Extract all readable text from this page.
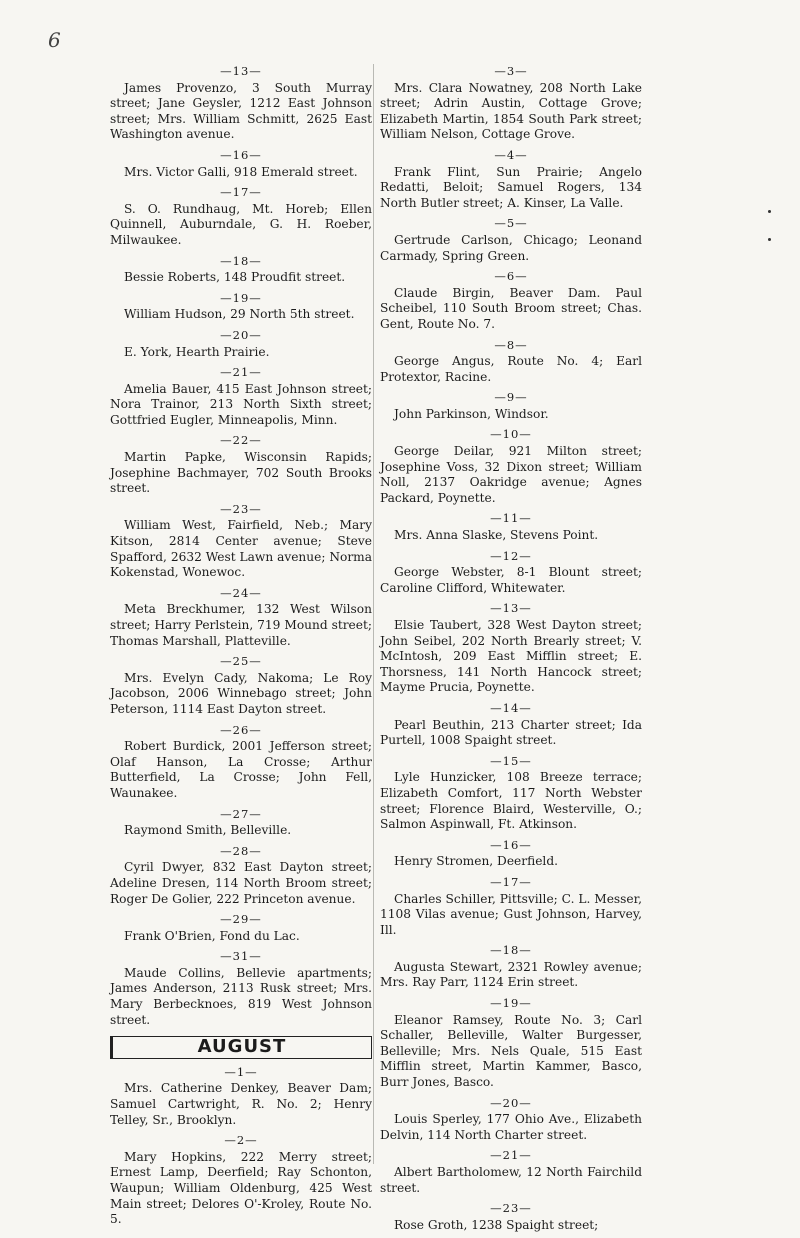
6
—13—

James Provenzo, 3 South Murray street; Jane Geysler, 1212 East Johnson street; Mrs. William Schmitt, 2625 East Washington avenue.

—16—

Mrs. Victor Galli, 918 Emerald street.

—17—

S. O. Rundhaug, Mt. Horeb; Ellen Quinnell, Auburndale, G. H. Roeber, Milwaukee.

—18—

Bessie Roberts, 148 Proudfit street.

—19—

William Hudson, 29 North 5th street.

—20—

E. York, Hearth Prairie.

—21—

Amelia Bauer, 415 East Johnson street; Nora Trainor, 213 North Sixth street; Gottfried Eugler, Minneapolis, Minn.

—22—

Martin Papke, Wisconsin Rapids; Josephine Bachmayer, 702 South Brooks street.

—23—

William West, Fairfield, Neb.; Mary Kitson, 2814 Center avenue; Steve Spafford, 2632 West Lawn avenue; Norma Kokenstad, Wonewoc.

—24—

Meta Breckhumer, 132 West Wilson street; Harry Perlstein, 719 Mound street; Thomas Marshall, Platteville.

—25—

Mrs. Evelyn Cady, Nakoma; Le Roy Jacobson, 2006 Winnebago street; John Peterson, 1114 East Dayton street.

—26—

Robert Burdick, 2001 Jefferson street; Olaf Hanson, La Crosse; Arthur Butterfield, La Crosse; John Fell, Waunakee.

—27—

Raymond Smith, Belleville.

—28—

Cyril Dwyer, 832 East Dayton street; Adeline Dresen, 114 North Broom street; Roger De Golier, 222 Princeton avenue.

—29—

Frank O'Brien, Fond du Lac.

—31—

Maude Collins, Bellevie apartments; James Anderson, 2113 Rusk street; Mrs. Mary Berbecknoes, 819 West Johnson street.

AUGUST
—1—

Mrs. Catherine Denkey, Beaver Dam; Samuel Cartwright, R. No. 2; Henry Telley, Sr., Brooklyn.

—2—

Mary Hopkins, 222 Merry street; Ernest Lamp, Deerfield; Ray Schonton, Waupun; William Oldenburg, 425 West Main street; Delores O'-Kroley, Route No. 5.

—3—

Mrs. Clara Nowatney, 208 North Lake street; Adrin Austin, Cottage Grove; Elizabeth Martin, 1854 South Park street; William Nelson, Cottage Grove.

—4—

Frank Flint, Sun Prairie; Angelo Redatti, Beloit; Samuel Rogers, 134 North Butler street; A. Kinser, La Valle.

—5—

Gertrude Carlson, Chicago; Leonand Carmady, Spring Green.

—6—

Claude Birgin, Beaver Dam. Paul Scheibel, 110 South Broom street; Chas. Gent, Route No. 7.

—8—

George Angus, Route No. 4; Earl Protextor, Racine.

—9—

John Parkinson, Windsor.

—10—

George Deilar, 921 Milton street; Josephine Voss, 32 Dixon street; William Noll, 2137 Oakridge avenue; Agnes Packard, Poynette.

—11—

Mrs. Anna Slaske, Stevens Point.

—12—

George Webster, 8-1 Blount street; Caroline Clifford, Whitewater.

—13—

Elsie Taubert, 328 West Dayton street; John Seibel, 202 North Brearly street; V. McIntosh, 209 East Mifflin street; E. Thorsness, 141 North Hancock street; Mayme Prucia, Poynette.

—14—

Pearl Beuthin, 213 Charter street; Ida Purtell, 1008 Spaight street.

—15—

Lyle Hunzicker, 108 Breeze terrace; Elizabeth Comfort, 117 North Webster street; Florence Blaird, Westerville, O.; Salmon Aspinwall, Ft. Atkinson.

—16—

Henry Stromen, Deerfield.

—17—

Charles Schiller, Pittsville; C. L. Messer, 1108 Vilas avenue; Gust Johnson, Harvey, Ill.

—18—

Augusta Stewart, 2321 Rowley avenue; Mrs. Ray Parr, 1124 Erin street.

—19—

Eleanor Ramsey, Route No. 3; Carl Schaller, Belleville, Walter Burgesser, Belleville; Mrs. Nels Quale, 515 East Mifflin street, Martin Kammer, Basco, Burr Jones, Basco.

—20—

Louis Sperley, 177 Ohio Ave., Elizabeth Delvin, 114 North Charter street.

—21—

Albert Bartholomew, 12 North Fairchild street.

—23—

Rose Groth, 1238 Spaight street;
